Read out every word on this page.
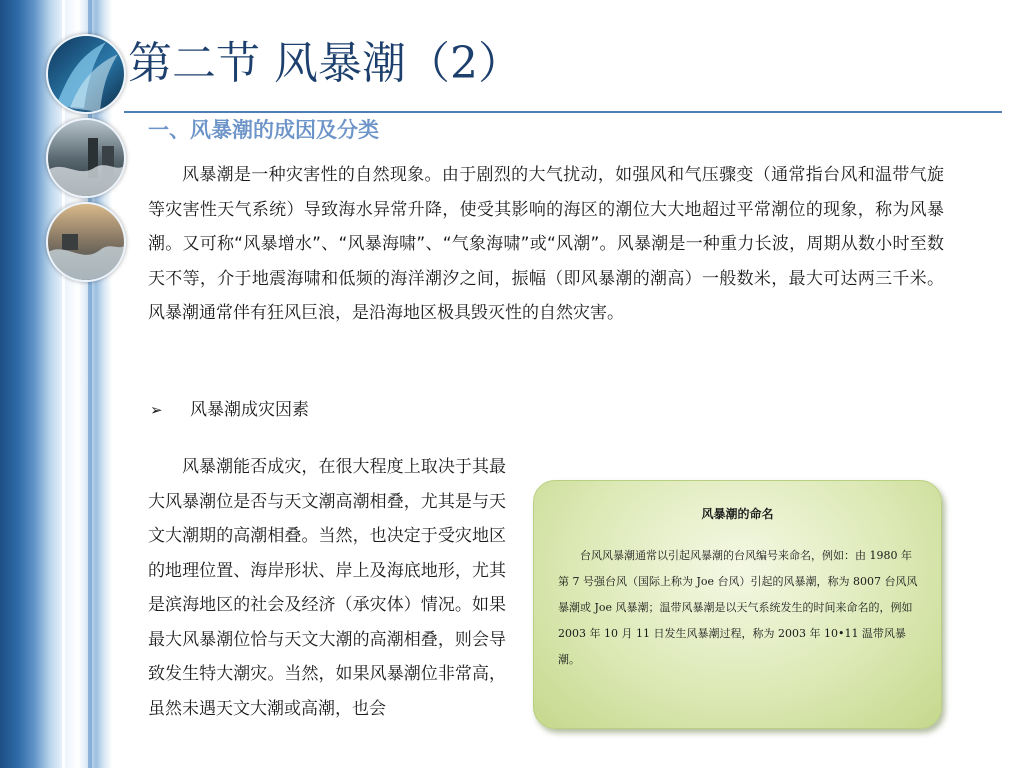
第二节 风暴潮（2）
一、风暴潮的成因及分类

风暴潮是一种灾害性的自然现象。由于剧烈的大气扰动，如强风和气压骤变（通常指台风和温带气旋等灾害性天气系统）导致海水异常升降，使受其影响的海区的潮位大大地超过平常潮位的现象，称为风暴潮。又可称“风暴增水”、“风暴海啸”、“气象海啸”或“风潮”。风暴潮是一种重力长波，周期从数小时至数天不等，介于地震海啸和低频的海洋潮汐之间，振幅（即风暴潮的潮高）一般数米，最大可达两三千米。风暴潮通常伴有狂风巨浪，是沿海地区极具毁灭性的自然灾害。

➢ 风暴潮成灾因素

风暴潮能否成灾，在很大程度上取决于其最大风暴潮位是否与天文潮高潮相叠，尤其是与天文大潮期的高潮相叠。当然，也决定于受灾地区的地理位置、海岸形状、岸上及海底地形，尤其是滨海地区的社会及经济（承灾体）情况。如果最大风暴潮位恰与天文大潮的高潮相叠，则会导致发生特大潮灾。当然，如果风暴潮位非常高，虽然未遇天文大潮或高潮，也会

风暴潮的命名

台风风暴潮通常以引起风暴潮的台风编号来命名，例如：由 1980 年第 7 号强台风（国际上称为 Joe 台风）引起的风暴潮，称为 8007 台风风暴潮或 Joe 风暴潮；温带风暴潮是以天气系统发生的时间来命名的，例如 2003 年 10 月 11 日发生风暴潮过程，称为 2003 年 10•11 温带风暴潮。
